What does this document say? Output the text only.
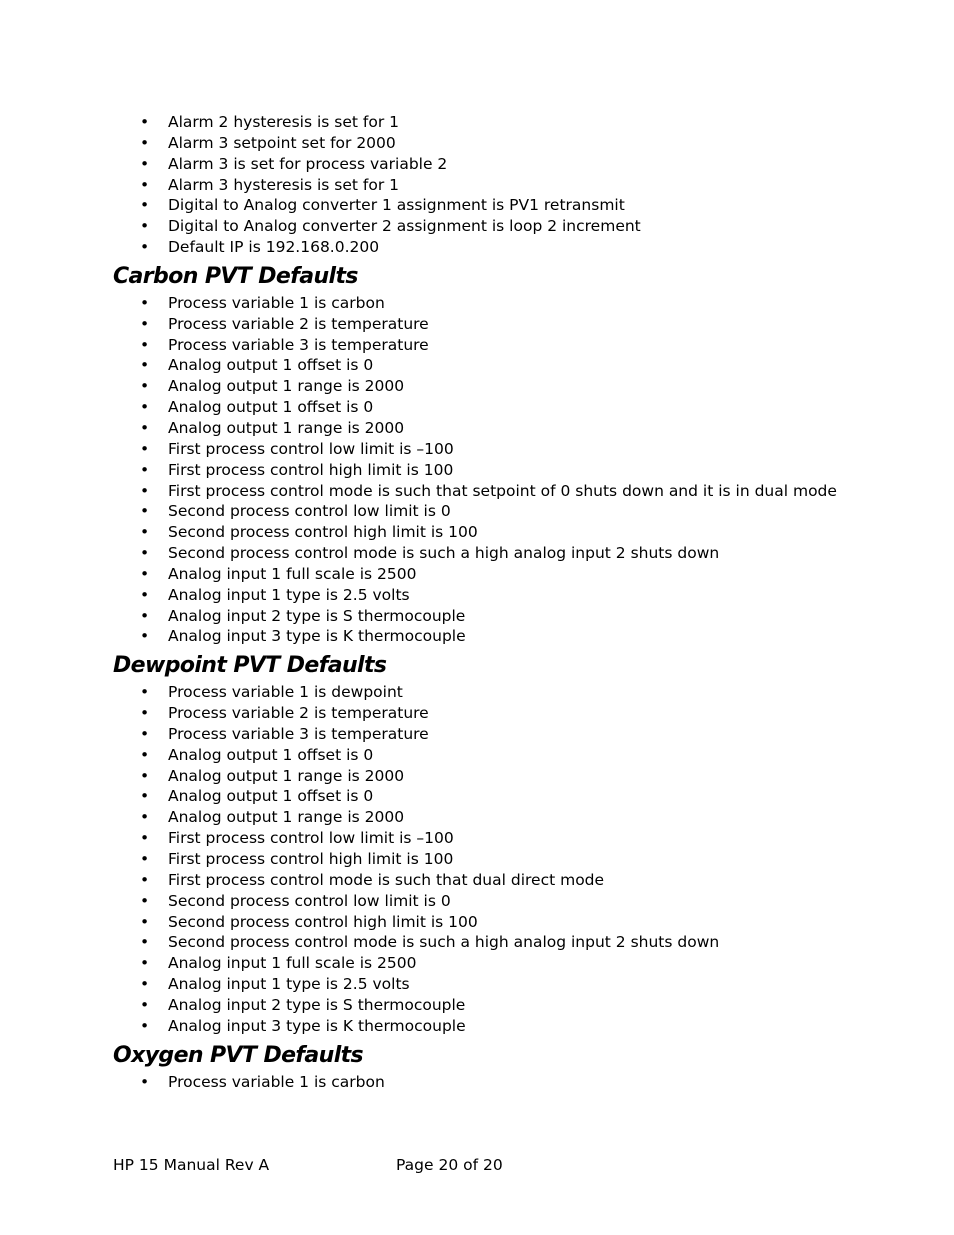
• Alarm 2 hysteresis is set for 1
• Alarm 3 setpoint set for 2000
• Alarm 3 is set for process variable 2
• Alarm 3 hysteresis is set for 1
• Digital to Analog converter 1 assignment is PV1 retransmit
• Digital to Analog converter 2 assignment is loop 2 increment
• Default IP is 192.168.0.200
Carbon PVT Defaults
• Process variable 1 is carbon
• Process variable 2 is temperature
• Process variable 3 is temperature
• Analog output 1 offset is 0
• Analog output 1 range is 2000
• Analog output 1 offset is 0
• Analog output 1 range is 2000
• First process control low limit is –100
• First process control high limit is 100
• First process control mode is such that setpoint of 0 shuts down and it is in dual mode
• Second process control low limit is 0
• Second process control high limit is 100
• Second process control mode is such a high analog input 2 shuts down
• Analog input 1 full scale is 2500
• Analog input 1 type is 2.5 volts
• Analog input 2 type is S thermocouple
• Analog input 3 type is K thermocouple
Dewpoint PVT Defaults
• Process variable 1 is dewpoint
• Process variable 2 is temperature
• Process variable 3 is temperature
• Analog output 1 offset is 0
• Analog output 1 range is 2000
• Analog output 1 offset is 0
• Analog output 1 range is 2000
• First process control low limit is –100
• First process control high limit is 100
• First process control mode is such that dual direct mode
• Second process control low limit is 0
• Second process control high limit is 100
• Second process control mode is such a high analog input 2 shuts down
• Analog input 1 full scale is 2500
• Analog input 1 type is 2.5 volts
• Analog input 2 type is S thermocouple
• Analog input 3 type is K thermocouple
Oxygen PVT Defaults
• Process variable 1 is carbon
HP 15 Manual Rev A	Page 20 of 20
